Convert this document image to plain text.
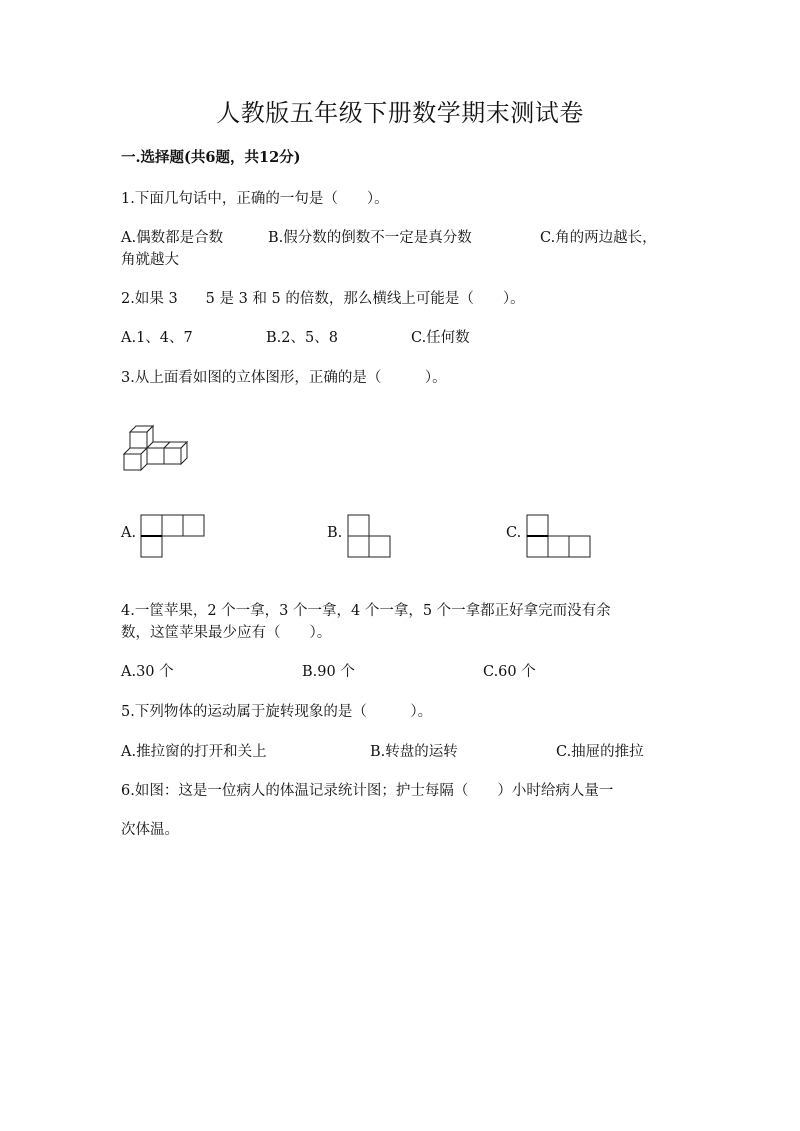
人教版五年级下册数学期末测试卷
一.选择题(共6题，共12分)
1.下面几句话中，正确的一句是（　　）。
A.偶数都是合数	B.假分数的倒数不一定是真分数	C.角的两边越长，
角就越大
2.如果 3 5 是 3 和 5 的倍数，那么横线上可能是（　　）。
A.1、4、7	B.2、5、8	C.任何数
3.从上面看如图的立体图形，正确的是（　　　）。
A.	B.	C.
4.一筐苹果，2 个一拿，3 个一拿，4 个一拿，5 个一拿都正好拿完而没有余
数，这筐苹果最少应有（　　）。
A.30 个	B.90 个	C.60 个
5.下列物体的运动属于旋转现象的是（　　　）。
A.推拉窗的打开和关上	B.转盘的运转	C.抽屉的推拉
6.如图：这是一位病人的体温记录统计图；护士每隔（　　）小时给病人量一
次体温。
